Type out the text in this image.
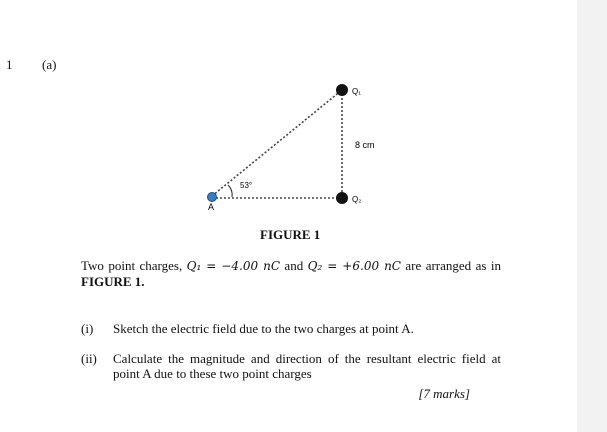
1 (a)
Q₁
Q₂
A
8 cm
53°
FIGURE 1
Two point charges, Q₁ = −4.00 nC and Q₂ = +6.00 nC are arranged as in FIGURE 1.
(i) Sketch the electric field due to the two charges at point A.
(ii) Calculate the magnitude and direction of the resultant electric field at point A due to these two point charges
[7 marks]
